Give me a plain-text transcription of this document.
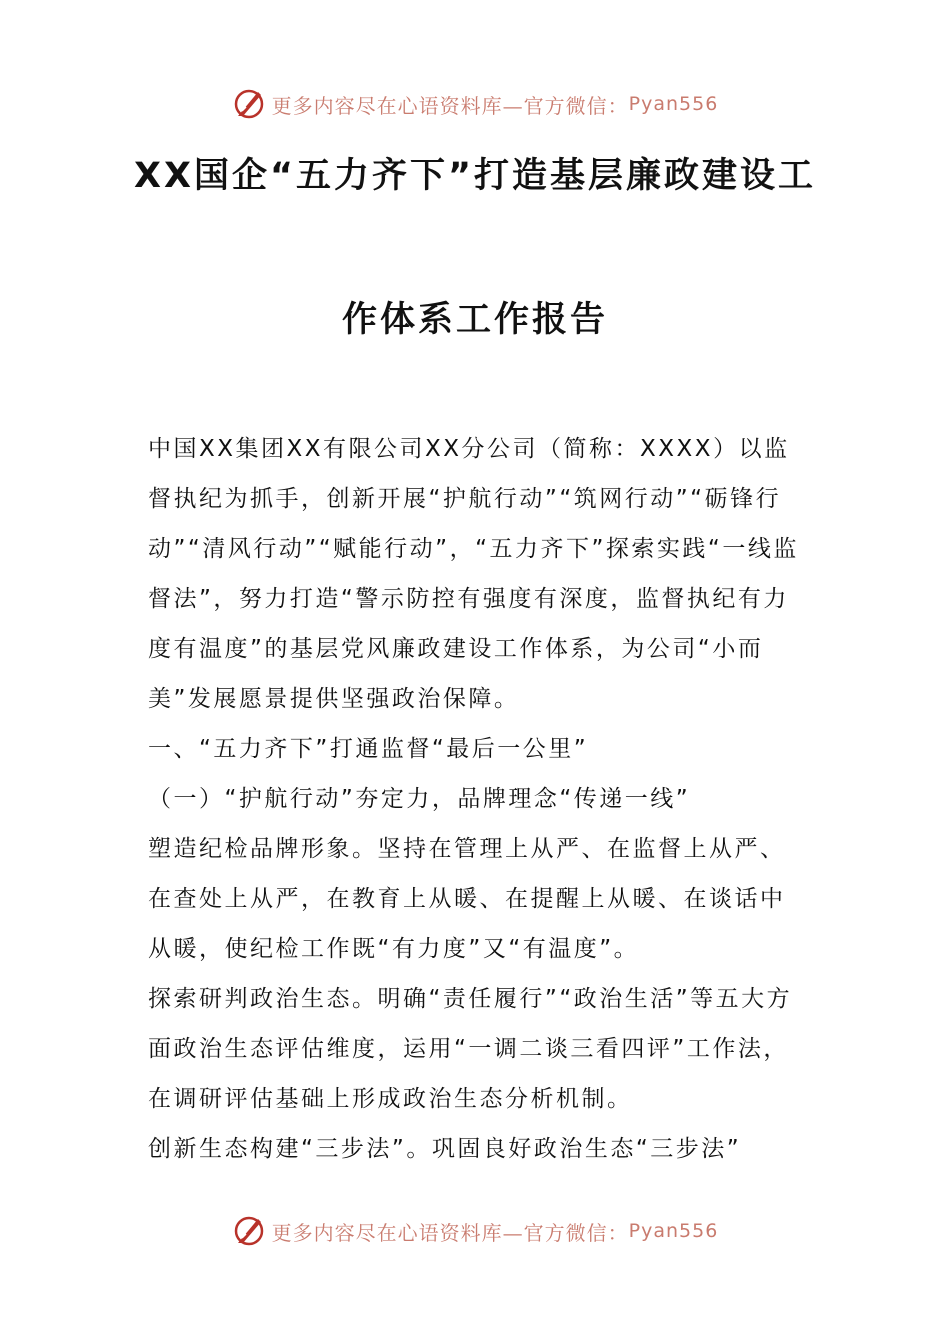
更多内容尽在心语资料库—官方微信： Pyan556
XX国企“五力齐下”打造基层廉政建设工
作体系工作报告

中国XX集团XX有限公司XX分公司（简称：XXXX）以监督执纪为抓手，创新开展“护航行动”“筑网行动”“砺锋行动”“清风行动”“赋能行动”，“五力齐下”探索实践“一线监督法”，努力打造“警示防控有强度有深度，监督执纪有力度有温度”的基层党风廉政建设工作体系，为公司“小而美”发展愿景提供坚强政治保障。

一、“五力齐下”打通监督“最后一公里”

（一）“护航行动”夯定力，品牌理念“传递一线”

塑造纪检品牌形象。坚持在管理上从严、在监督上从严、在查处上从严，在教育上从暖、在提醒上从暖、在谈话中从暖，使纪检工作既“有力度”又“有温度”。

探索研判政治生态。明确“责任履行”“政治生活”等五大方面政治生态评估维度，运用“一调二谈三看四评”工作法，在调研评估基础上形成政治生态分析机制。

创新生态构建“三步法”。巩固良好政治生态“三步法”

更多内容尽在心语资料库—官方微信： Pyan556
